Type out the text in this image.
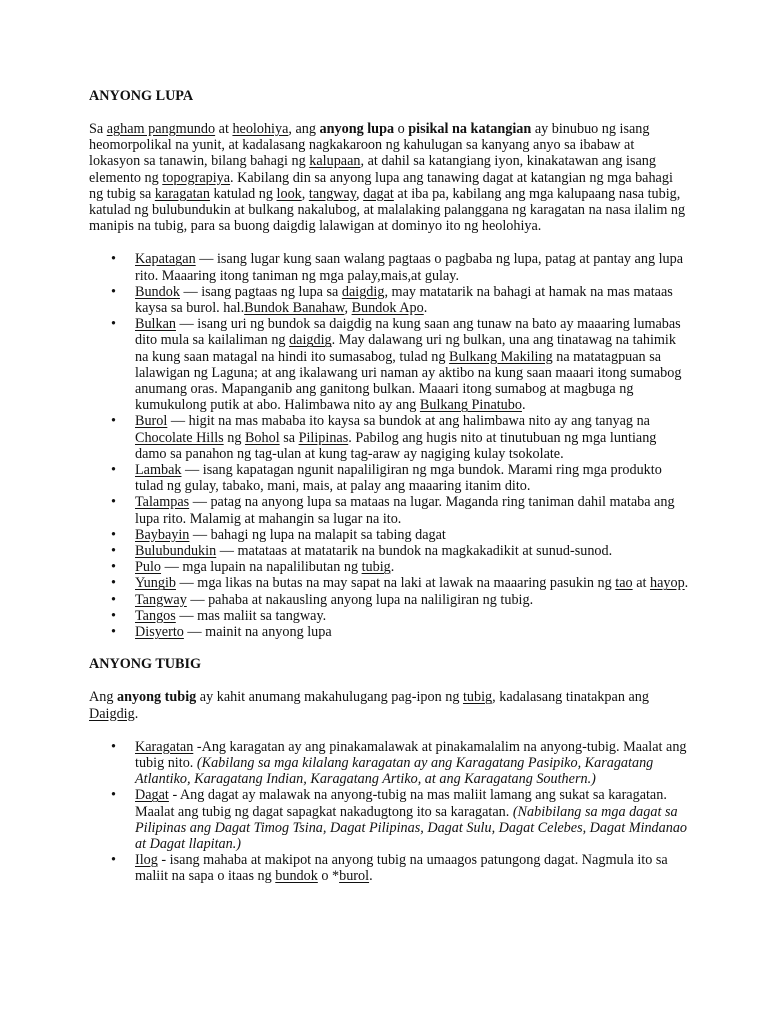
ANYONG LUPA

Sa agham pangmundo at heolohiya, ang anyong lupa o pisikal na katangian ay binubuo ng isang heomorpolikal na yunit, at kadalasang nagkakaroon ng kahulugan sa kanyang anyo sa ibabaw at lokasyon sa tanawin, bilang bahagi ng kalupaan, at dahil sa katangiang iyon, kinakatawan ang isang elemento ng topograpiya. Kabilang din sa anyong lupa ang tanawing dagat at katangian ng mga bahagi ng tubig sa karagatan katulad ng look, tangway, dagat at iba pa, kabilang ang mga kalupaang nasa tubig, katulad ng bulubundukin at bulkang nakalubog, at malalaking palanggana ng karagatan na nasa ilalim ng manipis na tubig, para sa buong daigdig lalawigan at dominyo ito ng heolohiya.

• Kapatagan — isang lugar kung saan walang pagtaas o pagbaba ng lupa, patag at pantay ang lupa rito. Maaaring itong taniman ng mga palay,mais,at gulay.
• Bundok — isang pagtaas ng lupa sa daigdig, may matatarik na bahagi at hamak na mas mataas kaysa sa burol. hal.Bundok Banahaw, Bundok Apo.
• Bulkan — isang uri ng bundok sa daigdig na kung saan ang tunaw na bato ay maaaring lumabas dito mula sa kailaliman ng daigdig. May dalawang uri ng bulkan, una ang tinatawag na tahimik na kung saan matagal na hindi ito sumasabog, tulad ng Bulkang Makiling na matatagpuan sa lalawigan ng Laguna; at ang ikalawang uri naman ay aktibo na kung saan maaari itong sumabog anumang oras. Mapanganib ang ganitong bulkan. Maaari itong sumabog at magbuga ng kumukulong putik at abo. Halimbawa nito ay ang Bulkang Pinatubo.
• Burol — higit na mas mababa ito kaysa sa bundok at ang halimbawa nito ay ang tanyag na Chocolate Hills ng Bohol sa Pilipinas. Pabilog ang hugis nito at tinutubuan ng mga luntiang damo sa panahon ng tag-ulan at kung tag-araw ay nagiging kulay tsokolate.
• Lambak — isang kapatagan ngunit napaliligiran ng mga bundok. Marami ring mga produkto tulad ng gulay, tabako, mani, mais, at palay ang maaaring itanim dito.
• Talampas — patag na anyong lupa sa mataas na lugar. Maganda ring taniman dahil mataba ang lupa rito. Malamig at mahangin sa lugar na ito.
• Baybayin — bahagi ng lupa na malapit sa tabing dagat
• Bulubundukin — matataas at matatarik na bundok na magkakadikit at sunud-sunod.
• Pulo — mga lupain na napalilibutan ng tubig.
• Yungib — mga likas na butas na may sapat na laki at lawak na maaaring pasukin ng tao at hayop.
• Tangway — pahaba at nakausling anyong lupa na naliligiran ng tubig.
• Tangos — mas maliit sa tangway.
• Disyerto — mainit na anyong lupa
ANYONG TUBIG

Ang anyong tubig ay kahit anumang makahulugang pag-ipon ng tubig, kadalasang tinatakpan ang Daigdig.

• Karagatan -Ang karagatan ay ang pinakamalawak at pinakamalalim na anyong-tubig. Maalat ang tubig nito. (Kabilang sa mga kilalang karagatan ay ang Karagatang Pasipiko, Karagatang Atlantiko, Karagatang Indian, Karagatang Artiko, at ang Karagatang Southern.)
• Dagat - Ang dagat ay malawak na anyong-tubig na mas maliit lamang ang sukat sa karagatan. Maalat ang tubig ng dagat sapagkat nakadugtong ito sa karagatan. (Nabibilang sa mga dagat sa Pilipinas ang Dagat Timog Tsina, Dagat Pilipinas, Dagat Sulu, Dagat Celebes, Dagat Mindanao at Dagat llapitan.)
• Ilog - isang mahaba at makipot na anyong tubig na umaagos patungong dagat. Nagmula ito sa maliit na sapa o itaas ng bundok o *burol.
